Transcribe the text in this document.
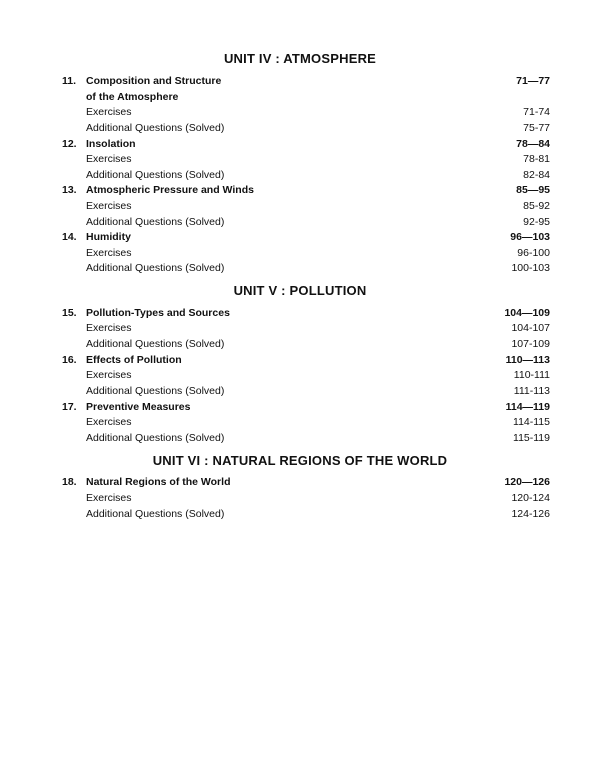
UNIT IV : ATMOSPHERE
11. Composition and Structure	71—77
of the Atmosphere
Exercises	71-74
Additional Questions (Solved)	75-77
12. Insolation	78—84
Exercises	78-81
Additional Questions (Solved)	82-84
13. Atmospheric Pressure and Winds	85—95
Exercises	85-92
Additional Questions (Solved)	92-95
14. Humidity	96—103
Exercises	96-100
Additional Questions (Solved)	100-103
UNIT V : POLLUTION
15. Pollution-Types and Sources	104—109
Exercises	104-107
Additional Questions (Solved)	107-109
16. Effects of Pollution	110—113
Exercises	110-111
Additional Questions (Solved)	111-113
17. Preventive Measures	114—119
Exercises	114-115
Additional Questions (Solved)	115-119
UNIT VI : NATURAL REGIONS OF THE WORLD
18. Natural Regions of the World	120—126
Exercises	120-124
Additional Questions (Solved)	124-126
